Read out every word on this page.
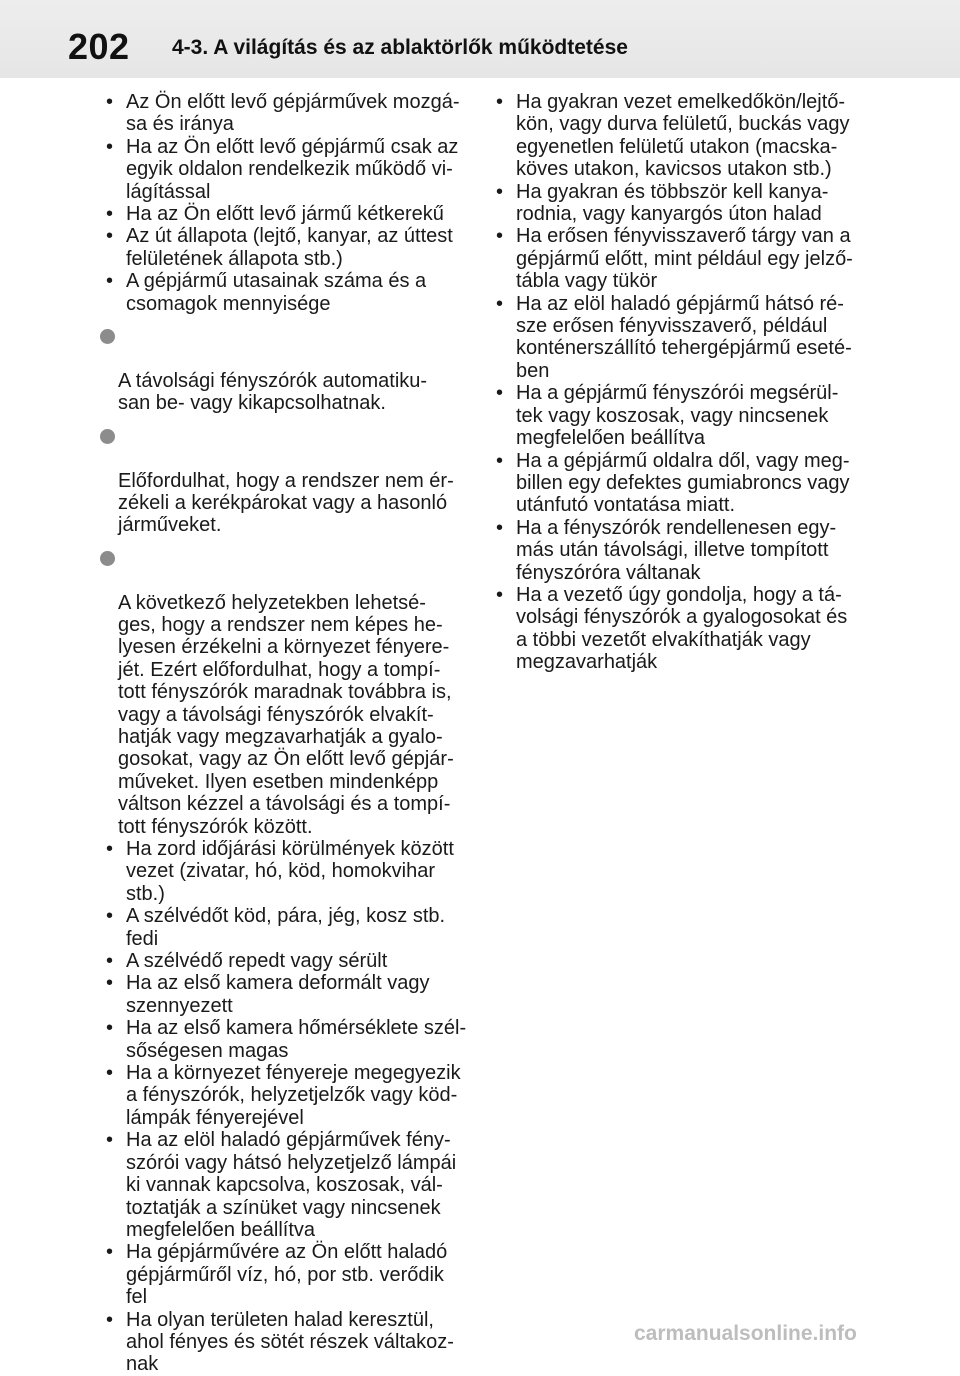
202 4-3. A világítás és az ablaktörlők működtetése
• Az Ön előtt levő gépjárművek mozgá-
sa és iránya
• Ha az Ön előtt levő gépjármű csak az
egyik oldalon rendelkezik működő vi-
lágítással
• Ha az Ön előtt levő jármű kétkerekű
• Az út állapota (lejtő, kanyar, az úttest
felületének állapota stb.)
• A gépjármű utasainak száma és a
csomagok mennyisége

A távolsági fényszórók automatiku-
san be- vagy kikapcsolhatnak.

Előfordulhat, hogy a rendszer nem ér-
zékeli a kerékpárokat vagy a hasonló
járműveket.

A következő helyzetekben lehetsé-
ges, hogy a rendszer nem képes he-
lyesen érzékelni a környezet fényere-
jét. Ezért előfordulhat, hogy a tompí-
tott fényszórók maradnak továbbra is,
vagy a távolsági fényszórók elvakít-
hatják vagy megzavarhatják a gyalo-
gosokat, vagy az Ön előtt levő gépjár-
műveket. Ilyen esetben mindenképp
váltson kézzel a távolsági és a tompí-
tott fényszórók között.

• Ha zord időjárási körülmények között
vezet (zivatar, hó, köd, homokvihar
stb.)
• A szélvédőt köd, pára, jég, kosz stb.
fedi
• A szélvédő repedt vagy sérült
• Ha az első kamera deformált vagy
szennyezett
• Ha az első kamera hőmérséklete szél-
sőségesen magas
• Ha a környezet fényereje megegyezik
a fényszórók, helyzetjelzők vagy köd-
lámpák fényerejével
• Ha az elöl haladó gépjárművek fény-
szórói vagy hátsó helyzetjelző lámpái
ki vannak kapcsolva, koszosak, vál-
toztatják a színüket vagy nincsenek
megfelelően beállítva
• Ha gépjárművére az Ön előtt haladó
gépjárműről víz, hó, por stb. verődik
fel
• Ha olyan területen halad keresztül,
ahol fényes és sötét részek váltakoz-
nak
• Ha gyakran vezet emelkedőkön/lejtő-
kön, vagy durva felületű, buckás vagy
egyenetlen felületű utakon (macska-
köves utakon, kavicsos utakon stb.)
• Ha gyakran és többször kell kanya-
rodnia, vagy kanyargós úton halad
• Ha erősen fényvisszaverő tárgy van a
gépjármű előtt, mint például egy jelző-
tábla vagy tükör
• Ha az elöl haladó gépjármű hátsó ré-
sze erősen fényvisszaverő, például
konténerszállító tehergépjármű eseté-
ben
• Ha a gépjármű fényszórói megsérül-
tek vagy koszosak, vagy nincsenek
megfelelően beállítva
• Ha a gépjármű oldalra dől, vagy meg-
billen egy defektes gumiabroncs vagy
utánfutó vontatása miatt.
• Ha a fényszórók rendellenesen egy-
más után távolsági, illetve tompított
fényszóróra váltanak
• Ha a vezető úgy gondolja, hogy a tá-
volsági fényszórók a gyalogosokat és
a többi vezetőt elvakíthatják vagy
megzavarhatják
carmanualsonline.info
